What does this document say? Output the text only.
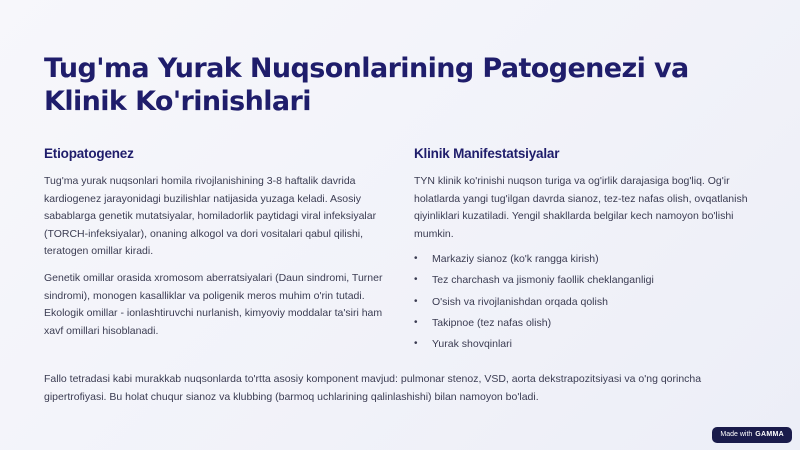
Tug'ma Yurak Nuqsonlarining Patogenezi va Klinik Ko'rinishlari
Etiopatogenez

Tug'ma yurak nuqsonlari homila rivojlanishining 3-8 haftalik davrida kardiogenez jarayonidagi buzilishlar natijasida yuzaga keladi. Asosiy sabablarga genetik mutatsiyalar, homiladorlik paytidagi viral infeksiyalar (TORCH-infeksiyalar), onaning alkogol va dori vositalari qabul qilishi, teratogen omillar kiradi.

Genetik omillar orasida xromosom aberratsiyalari (Daun sindromi, Turner sindromi), monogen kasalliklar va poligenik meros muhim o'rin tutadi. Ekologik omillar - ionlashtiruvchi nurlanish, kimyoviy moddalar ta'siri ham xavf omillari hisoblanadi.

Klinik Manifestatsiyalar

TYN klinik ko'rinishi nuqson turiga va og'irlik darajasiga bog'liq. Og'ir holatlarda yangi tug'ilgan davrda sianoz, tez-tez nafas olish, ovqatlanish qiyinliklari kuzatiladi. Yengil shakllarda belgilar kech namoyon bo'lishi mumkin.

• Markaziy sianoz (ko'k rangga kirish)
• Tez charchash va jismoniy faollik cheklanganligi
• O'sish va rivojlanishdan orqada qolish
• Takipnoe (tez nafas olish)
• Yurak shovqinlari

Fallo tetradasi kabi murakkab nuqsonlarda to'rtta asosiy komponent mavjud: pulmonar stenoz, VSD, aorta dekstrapozitsiyasi va o'ng qorincha gipertrofiyasi. Bu holat chuqur sianoz va klubbing (barmoq uchlarining qalinlashishi) bilan namoyon bo'ladi.

Made with GAMMA
